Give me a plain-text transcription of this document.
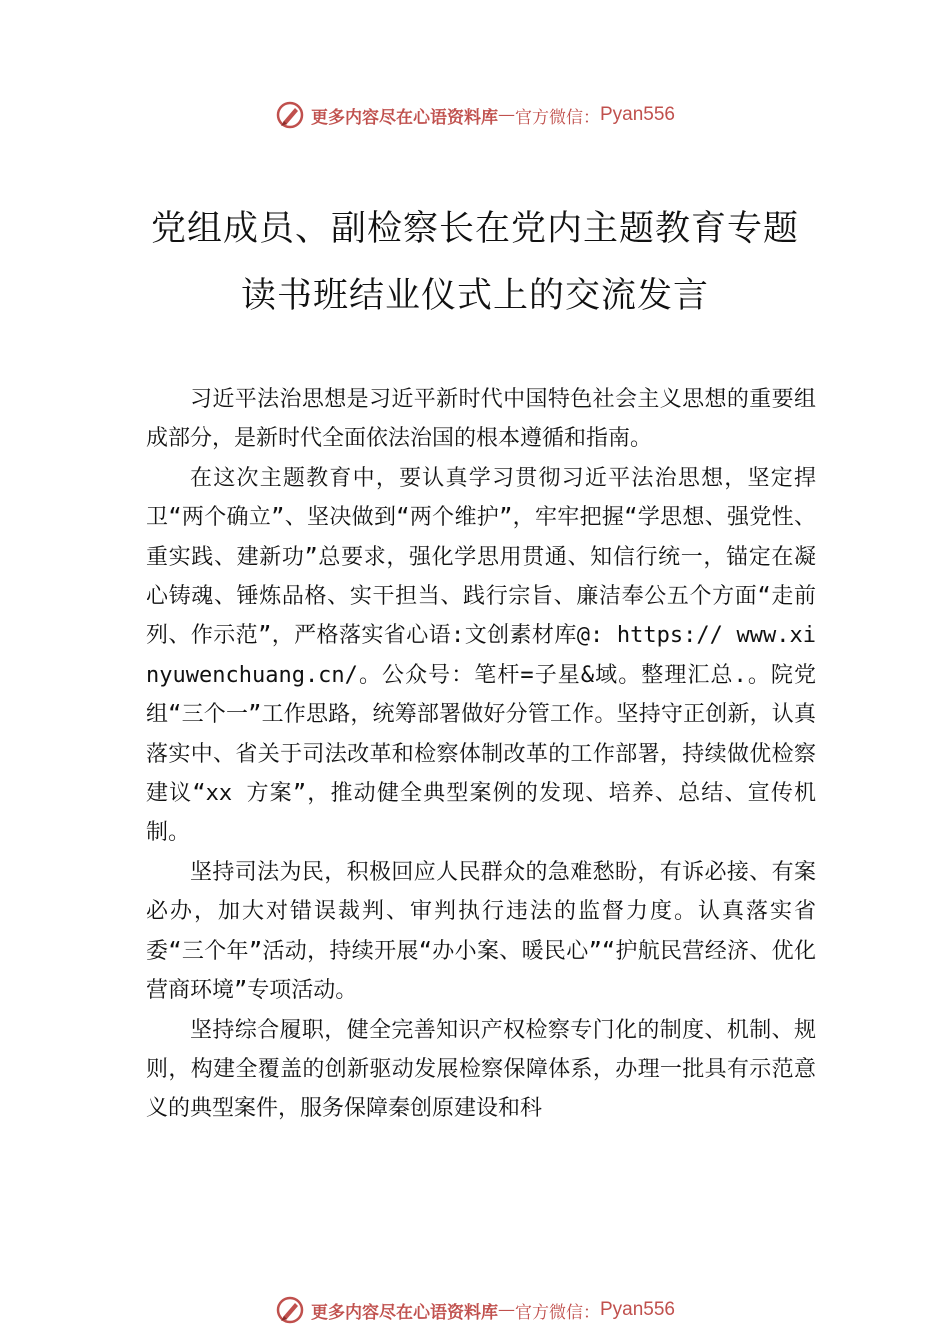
更多内容尽在心语资料库 — 官方微信： Pyan556
党组成员、副检察长在党内主题教育专题
读书班结业仪式上的交流发言

习近平法治思想是习近平新时代中国特色社会主义思想的重要组成部分，是新时代全面依法治国的根本遵循和指南。

在这次主题教育中，要认真学习贯彻习近平法治思想，坚定捍卫“两个确立”、坚决做到“两个维护”，牢牢把握“学思想、强党性、重实践、建新功”总要求，强化学思用贯通、知信行统一，锚定在凝心铸魂、锤炼品格、实干担当、践行宗旨、廉洁奉公五个方面“走前列、作示范”，严格落实省心语:文创素材库@: https:// www.xinyuwenchuang.cn/。公众号：笔杆=子星&域。整理汇总.。院党组“三个一”工作思路，统筹部署做好分管工作。坚持守正创新，认真落实中、省关于司法改革和检察体制改革的工作部署，持续做优检察建议“xx 方案”，推动健全典型案例的发现、培养、总结、宣传机制。

坚持司法为民，积极回应人民群众的急难愁盼，有诉必接、有案必办，加大对错误裁判、审判执行违法的监督力度。认真落实省委“三个年”活动，持续开展“办小案、暖民心”“护航民营经济、优化营商环境”专项活动。

坚持综合履职，健全完善知识产权检察专门化的制度、机制、规则，构建全覆盖的创新驱动发展检察保障体系，办理一批具有示范意义的典型案件，服务保障秦创原建设和科

更多内容尽在心语资料库 — 官方微信： Pyan556
